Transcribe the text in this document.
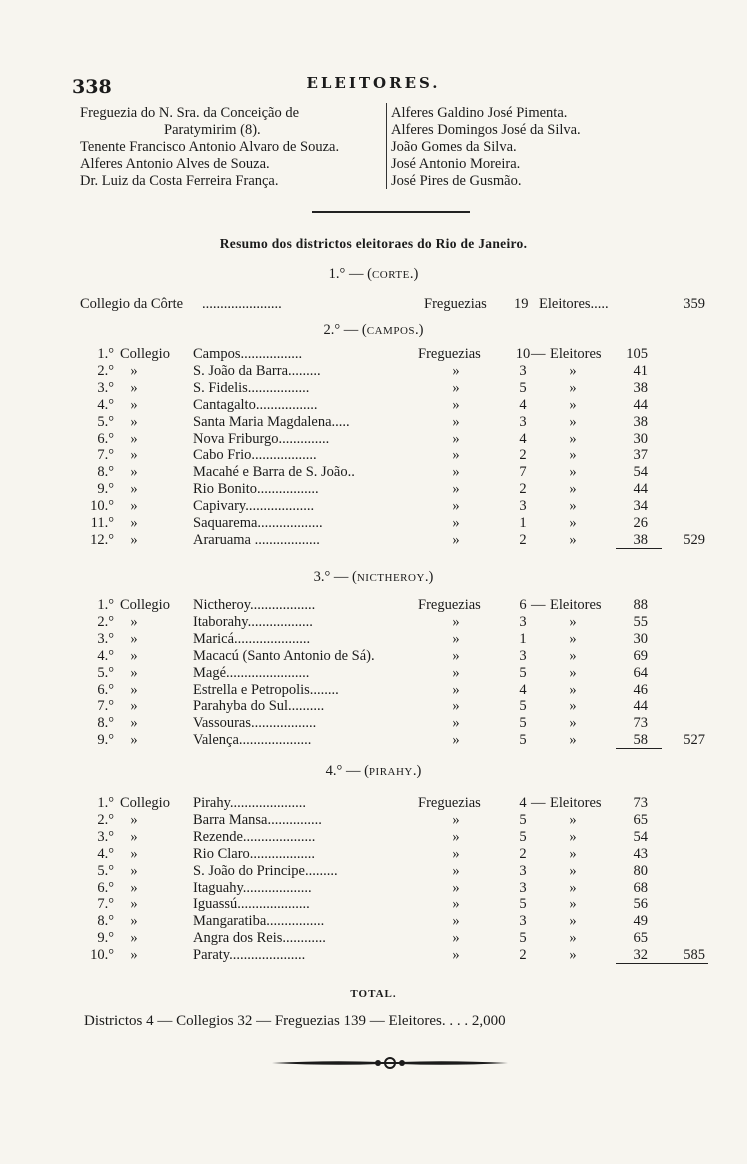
338	ELEITORES.
Freguezia do N. Sra. da Conceição de
Paratymirim (8).
Tenente Francisco Antonio Alvaro de Souza.
Alferes Antonio Alves de Souza.
Dr. Luiz da Costa Ferreira França.
Alferes Galdino José Pimenta.
Alferes Domingos José da Silva.
João Gomes da Silva.
José Antonio Moreira.
José Pires de Gusmão.
Resumo dos districtos eleitoraes do Rio de Janeiro.
1.° — (CORTE.)
Collegio da Côrte ......................	Freguezias 19 Eleitores.....	359
2.° — (CAMPOS.)
1.° Collegio Campos.................	Freguezias 10 — Eleitores	105
2.°	»	S. João da Barra.........	»	3	»	41
3.°	»	S. Fidelis.................	»	5	»	38
4.°	»	Cantagalto.................	»	4	»	44
5.°	»	Santa Maria Magdalena.....	»	3	»	38
6.°	»	Nova Friburgo..............	»	4	»	30
7.°	»	Cabo Frio..................	»	2	»	37
8.°	»	Macahé e Barra de S. João..	»	7	»	54
9.°	»	Rio Bonito.................	»	2	»	44
10.°	»	Capivary...................	»	3	»	34
11.°	»	Saquarema..................	»	1	»	26
12.°	»	Araruama ..................	»	2	»	38	529
3.° — (NICTHEROY.)
1.° Collegio Nictheroy..................	Freguezias	6 — Eleitores	88
2.°	»	Itaborahy..................	»	3	»	55
3.°	»	Maricá.....................	»	1	»	30
4.°	»	Macacú (Santo Antonio de Sá).	»	3	»	69
5.°	»	Magé.......................	»	5	»	64
6.°	»	Estrella e Petropolis........	»	4	»	46
7.°	»	Parahyba do Sul..........	»	5	»	44
8.°	»	Vassouras..................	»	5	»	73
9.°	»	Valença....................	»	5	»	58	527
4.° — (PIRAHY.)
1.° Collegio Pirahy.....................	Freguezias	4 — Eleitores	73
2.°	»	Barra Mansa...............	»	5	»	65
3.°	»	Rezende....................	»	5	»	54
4.°	»	Rio Claro..................	»	2	»	43
5.°	»	S. João do Principe.........	»	3	»	80
6.°	»	Itaguahy...................	»	3	»	68
7.°	»	Iguassú....................	»	5	»	56
8.°	»	Mangaratiba................	»	3	»	49
9.°	»	Angra dos Reis............	»	5	»	65
10.°	»	Paraty.....................	»	2	»	32	585
TOTAL.
Districtos 4 — Collegios 32 — Freguezias 139 — Eleitores. . . . 2,000
